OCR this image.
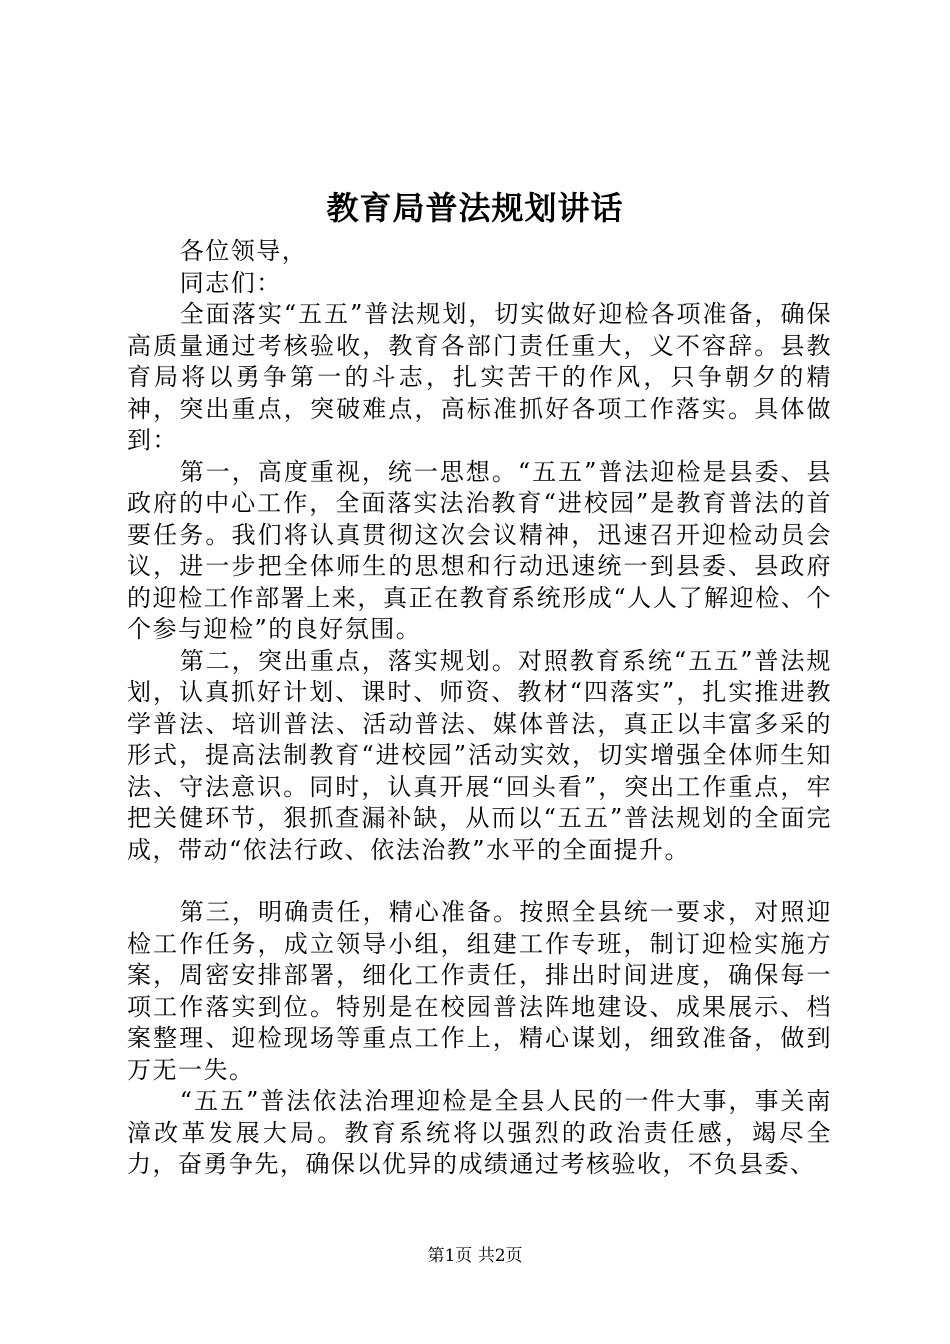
教育局普法规划讲话

各位领导，

同志们：

全面落实“五五”普法规划，切实做好迎检各项准备，确保高质量通过考核验收，教育各部门责任重大，义不容辞。县教育局将以勇争第一的斗志，扎实苦干的作风，只争朝夕的精神，突出重点，突破难点，高标准抓好各项工作落实。具体做到：

第一，高度重视，统一思想。“五五”普法迎检是县委、县政府的中心工作，全面落实法治教育“进校园”是教育普法的首要任务。我们将认真贯彻这次会议精神，迅速召开迎检动员会议，进一步把全体师生的思想和行动迅速统一到县委、县政府的迎检工作部署上来，真正在教育系统形成“人人了解迎检、个个参与迎检”的良好氛围。

第二，突出重点，落实规划。对照教育系统“五五”普法规划，认真抓好计划、课时、师资、教材“四落实”，扎实推进教学普法、培训普法、活动普法、媒体普法，真正以丰富多采的形式，提高法制教育“进校园”活动实效，切实增强全体师生知法、守法意识。同时，认真开展“回头看”，突出工作重点，牢把关健环节，狠抓查漏补缺，从而以“五五”普法规划的全面完成，带动“依法行政、依法治教”水平的全面提升。

第三，明确责任，精心准备。按照全县统一要求，对照迎检工作任务，成立领导小组，组建工作专班，制订迎检实施方案，周密安排部署，细化工作责任，排出时间进度，确保每一项工作落实到位。特别是在校园普法阵地建设、成果展示、档案整理、迎检现场等重点工作上，精心谋划，细致准备，做到万无一失。

“五五”普法依法治理迎检是全县人民的一件大事，事关南漳改革发展大局。教育系统将以强烈的政治责任感，竭尽全力，奋勇争先，确保以优异的成绩通过考核验收，不负县委、

第1页 共2页
